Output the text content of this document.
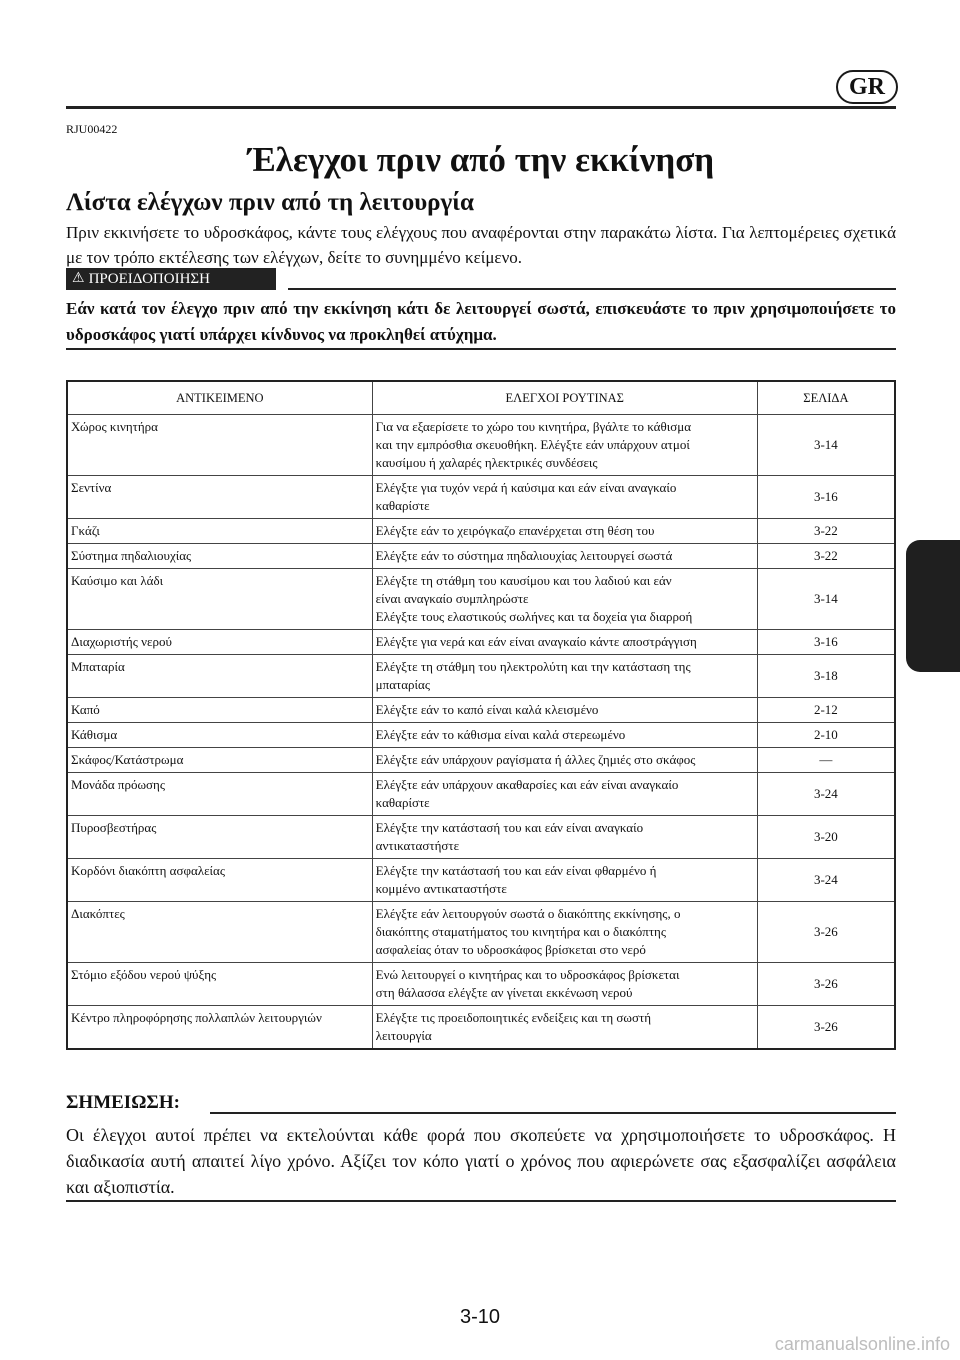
GR
RJU00422
Έλεγχοι πριν από την εκκίνηση
Λίστα ελέγχων πριν από τη λειτουργία
Πριν εκκινήσετε το υδροσκάφος, κάντε τους ελέγχους που αναφέρονται στην παρακάτω λίστα. Για λεπτομέρειες σχετικά με τον τρόπο εκτέλεσης των ελέγχων, δείτε το συνημμένο κείμενο.
⚠ ΠΡΟΕΙΔΟΠΟΙΗΣΗ
Εάν κατά τον έλεγχο πριν από την εκκίνηση κάτι δε λειτουργεί σωστά, επισκευάστε το πριν χρησιμοποιήσετε το υδροσκάφος γιατί υπάρχει κίνδυνος να προκληθεί ατύχημα.
ΑΝΤΙΚΕΙΜΕΝΟ	ΕΛΕΓΧΟΙ ΡΟΥΤΙΝΑΣ	ΣΕΛΙΔΑ
Χώρος κινητήρα	Για να εξαερίσετε το χώρο του κινητήρα, βγάλτε το κάθισμα
και την εμπρόσθια σκευοθήκη. Ελέγξτε εάν υπάρχουν ατμοί
καυσίμου ή χαλαρές ηλεκτρικές συνδέσεις	3-14
Σεντίνα	Ελέγξτε για τυχόν νερά ή καύσιμα και εάν είναι αναγκαίο
καθαρίστε	3-16
Γκάζι	Ελέγξτε εάν το χειρόγκαζο επανέρχεται στη θέση του	3-22
Σύστημα πηδαλιουχίας	Ελέγξτε εάν το σύστημα πηδαλιουχίας λειτουργεί σωστά	3-22
Καύσιμο και λάδι	Ελέγξτε τη στάθμη του καυσίμου και του λαδιού και εάν
είναι αναγκαίο συμπληρώστε
Ελέγξτε τους ελαστικούς σωλήνες και τα δοχεία για διαρροή	3-14
Διαχωριστής νερού	Ελέγξτε για νερά και εάν είναι αναγκαίο κάντε αποστράγγιση	3-16
Μπαταρία	Ελέγξτε τη στάθμη του ηλεκτρολύτη και την κατάσταση της
μπαταρίας	3-18
Καπό	Ελέγξτε εάν το καπό είναι καλά κλεισμένο	2-12
Κάθισμα	Ελέγξτε εάν το κάθισμα είναι καλά στερεωμένο	2-10
Σκάφος/Κατάστρωμα	Ελέγξτε εάν υπάρχουν ραγίσματα ή άλλες ζημιές στο σκάφος	—
Μονάδα πρόωσης	Ελέγξτε εάν υπάρχουν ακαθαρσίες και εάν είναι αναγκαίο
καθαρίστε	3-24
Πυροσβεστήρας	Ελέγξτε την κατάστασή του και εάν είναι αναγκαίο
αντικαταστήστε	3-20
Κορδόνι διακόπτη ασφαλείας	Ελέγξτε την κατάστασή του και εάν είναι φθαρμένο ή
κομμένο αντικαταστήστε	3-24
Διακόπτες	Ελέγξτε εάν λειτουργούν σωστά ο διακόπτης εκκίνησης, ο
διακόπτης σταματήματος του κινητήρα και ο διακόπτης
ασφαλείας όταν το υδροσκάφος βρίσκεται στο νερό	3-26
Στόμιο εξόδου νερού ψύξης	Ενώ λειτουργεί ο κινητήρας και το υδροσκάφος βρίσκεται
στη θάλασσα ελέγξτε αν γίνεται εκκένωση νερού	3-26
Κέντρο πληροφόρησης πολλαπλών λειτουργιών	Ελέγξτε τις προειδοποιητικές ενδείξεις και τη σωστή
λειτουργία	3-26
ΣΗΜΕΙΩΣΗ:
Οι έλεγχοι αυτοί πρέπει να εκτελούνται κάθε φορά που σκοπεύετε να χρησιμοποιήσετε το υδροσκάφος. Η διαδικασία αυτή απαιτεί λίγο χρόνο. Αξίζει τον κόπο γιατί ο χρόνος που αφιερώνετε σας εξασφαλίζει ασφάλεια και αξιοπιστία.
3-10
carmanualsonline.info
